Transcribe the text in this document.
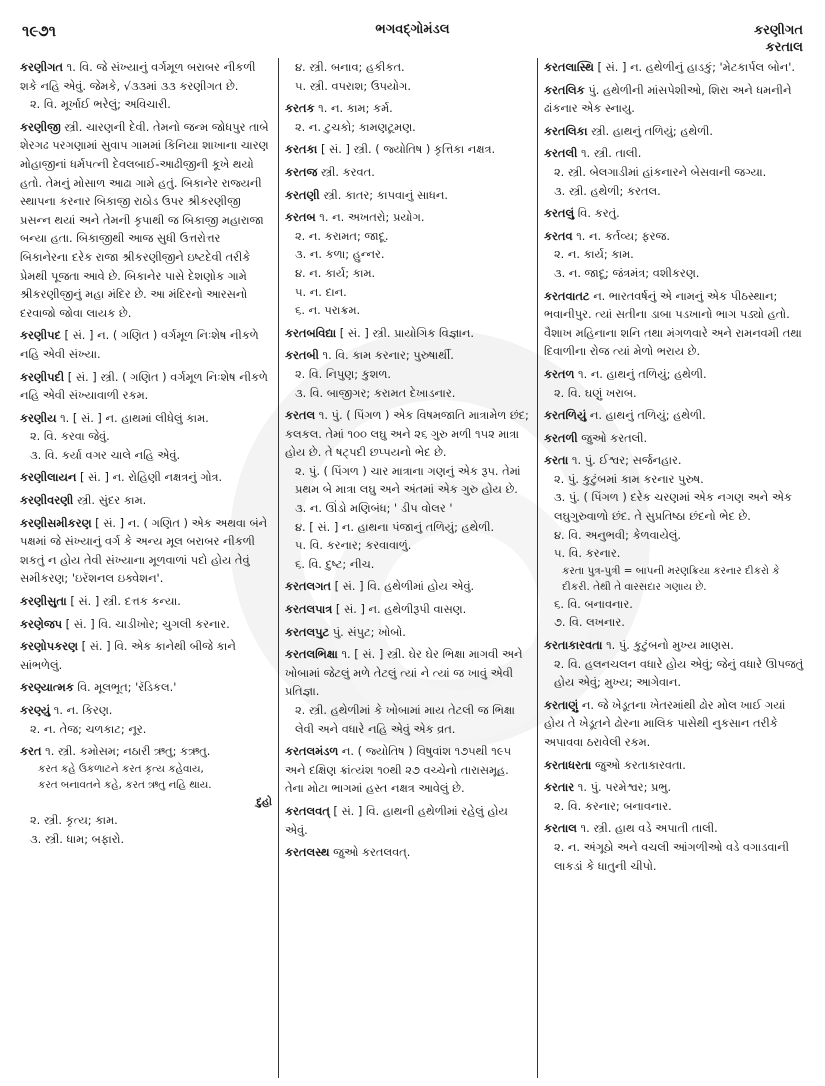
૧૯૭૧	ભગવદ્ગોમંડલ	કરણીગત
કરતાલ
કરણીગત ૧. વિ. જે સંખ્યાનું વર્ગમૂળ બરાબર નીકળી શકે નહિ એવું. જેમકે, √૩૩માં ૩૩ કરણીગત છે.
૨. વિ. મૂર્ખાઈ ભરેલું; અવિચારી.
કરણીજી સ્ત્રી. ચારણની દેવી. તેમનો જન્મ જોધપુર તાબે શેરગઢ પરગણામાં સુવાપ ગામમાં કિનિયા શાખાના ચારણ મોહાજીનાં ધર્મપત્ની દેવલબાઈ-આઢીજીની કૂખે થયો હતો. તેમનું મોસાળ આઢા ગામે હતું. બિકાનેર રાજ્યની સ્થાપના કરનાર બિકાજી રાઠોડ ઉપર શ્રીકરણીજી પ્રસન્ન થયાં અને તેમની કૃપાથી જ બિકાજી મહારાજા બન્યા હતા. બિકાજીથી આજ સુધી ઉત્તરોત્તર બિકાનેરના દરેક રાજા શ્રીકરણીજીને ઇષ્ટદેવી તરીકે પ્રેમથી પૂજતા આવે છે. બિકાનેર પાસે દેશણોક ગામે શ્રીકરણીજીનું મહા મંદિર છે. આ મંદિરનો આરસનો દરવાજો જોવા લાયક છે.
કરણીપદ [ સં. ] ન. ( ગણિત ) વર્ગમૂળ નિઃશેષ નીકળે નહિ એવી સંખ્યા.
કરણીપદી [ સં. ] સ્ત્રી. ( ગણિત ) વર્ગમૂળ નિઃશેષ નીકળે નહિ એવી સંખ્યાવાળી રકમ.
કરણીય ૧. [ સં. ] ન. હાથમાં લીધેલું કામ.
૨. વિ. કરવા જેવું.
૩. વિ. કર્યા વગર ચાલે નહિ એવું.
કરણીલાયન [ સં. ] ન. રોહિણી નક્ષત્રનું ગોત્ર.
કરણીવરણી સ્ત્રી. સુંદર કામ.
કરણીસમીકરણ [ સં. ] ન. ( ગણિત ) એક અથવા બંને પક્ષમાં જે સંખ્યાનું વર્ગ કે અન્ય મૂલ બરાબર નીકળી શકતું ન હોય તેવી સંખ્યાના મૂળવાળાં પદો હોય તેવું સમીકરણ; 'ઇરૅશનલ ઇક્વેશન'.
કરણીસુતા [ સં. ] સ્ત્રી. દત્તક કન્યા.
કરણેજપ [ સં. ] વિ. ચાડીખોર; ચુગલી કરનાર.
કરણોપકરણ [ સં. ] વિ. એક કાનેથી બીજે કાને સાંભળેલું.
કરણ્યાત્મક વિ. મૂલભૂત; 'રૅડિકલ.'
કરણ્યું ૧. ન. કિરણ.
૨. ન. તેજ; ચળકાટ; નૂર.
કરત ૧. સ્ત્રી. કમોસમ; નઠારી ઋતુ; કઋતુ.
કરત કહે ઉકળાટને કરત કૃત્ય કહેવાય,
કરત બનાવતને કહે, કરત ઋતુ નહિ થાય.
દુહો
૨. સ્ત્રી. કૃત્ય; કામ.
૩. સ્ત્રી. ધામ; બફારો.
૪. સ્ત્રી. બનાવ; હકીકત.
૫. સ્ત્રી. વપરાશ; ઉપયોગ.
કરતક ૧. ન. કામ; કર્મ.
૨. ન. ટુચકો; કામણટૂમણ.
કરતકા [ સં. ] સ્ત્રી. ( જ્યોતિષ ) કૃત્તિકા નક્ષત્ર.
કરતજ સ્ત્રી. કરવત.
કરતણી સ્ત્રી. કાતર; કાપવાનું સાધન.
કરતબ ૧. ન. અખતરો; પ્રયોગ.
૨. ન. કરામત; જાદૂ.
૩. ન. કળા; હુન્નર.
૪. ન. કાર્ય; કામ.
૫. ન. દાન.
૬. ન. પરાક્રમ.
કરતબવિદ્યા [ સં. ] સ્ત્રી. પ્રાયોગિક વિજ્ઞાન.
કરતબી ૧. વિ. કામ કરનાર; પુરુષાર્થી.
૨. વિ. નિપુણ; કુશળ.
૩. વિ. બાજીગર; કરામત દેખાડનાર.
કરતલ ૧. પું. ( પિંગળ ) એક વિષમજાતિ માત્રામેળ છંદ; કલકલ. તેમાં ૧૦૦ લઘુ અને ૨૬ ગુરુ મળી ૧૫૨ માત્રા હોય છે. તે ષટ્પદી છપ્પયનો ભેદ છે.
૨. પું. ( પિંગળ ) ચાર માત્રાના ગણનું એક રૂપ. તેમાં પ્રથમ બે માત્રા લઘુ અને અંતમાં એક ગુરુ હોય છે.
૩. ન. ઊંડો મણિબંધ; ' ડીપ વોલર '
૪. [ સં. ] ન. હાથના પંજાનું તળિયું; હથેળી.
૫. વિ. કરનાર; કરવાવાળું.
૬. વિ. દુષ્ટ; નીચ.
કરતલગત [ સં. ] વિ. હથેળીમાં હોય એવું.
કરતલપાત્ર [ સં. ] ન. હથેળીરૂપી વાસણ.
કરતલપુટ પું. સંપુટ; ખોબો.
કરતલભિક્ષા ૧. [ સં. ] સ્ત્રી. ઘેર ઘેર ભિક્ષા માગવી અને ખોબામાં જેટલું મળે તેટલું ત્યાં ને ત્યાં જ ખાવું એવી પ્રતિજ્ઞા.
૨. સ્ત્રી. હથેળીમાં કે ખોબામાં માય તેટલી જ ભિક્ષા લેવી અને વધારે નહિ એવું એક વ્રત.
કરતલમંડળ ન. ( જ્યોતિષ ) વિષુવાંશ ૧૭૫થી ૧૯૫ અને દક્ષિણ ક્રાંત્યંશ ૧૦થી ૨૭ વચ્ચેનો તારાસમૂહ. તેના મોટા ભાગમાં હસ્ત નક્ષત્ર આવેલું છે.
કરતલવત્ [ સં. ] વિ. હાથની હથેળીમાં રહેલું હોય એવું.
કરતલસ્થ જુઓ કરતલવત્.
કરતલાસ્થિ [ સં. ] ન. હથેળીનું હાડકું; 'મેટકાર્પલ બોન'.
કરતલિક પું. હથેળીની માંસપેશીઓ, શિરા અને ધમનીને ઢાંકનાર એક સ્નાયુ.
કરતલિકા સ્ત્રી. હાથનું તળિયું; હથેળી.
કરતલી ૧. સ્ત્રી. તાલી.
૨. સ્ત્રી. બેલગાડીમાં હાંકનારને બેસવાની જગ્યા.
૩. સ્ત્રી. હથેળી; કરતલ.
કરતલું વિ. કરતું.
કરતવ ૧. ન. કર્તવ્ય; ફરજ.
૨. ન. કાર્ય; કામ.
૩. ન. જાદૂ; જંત્રમંત્ર; વશીકરણ.
કરતવાતટ ન. ભારતવર્ષનું એ નામનું એક પીઠસ્થાન; ભવાનીપુર. ત્યાં સતીના ડાબા પડખાનો ભાગ પડ્યો હતો. વૈશાખ મહિનાના શનિ તથા મંગળવારે અને રામનવમી તથા દિવાળીના રોજ ત્યાં મેળો ભરાય છે.
કરતળ ૧. ન. હાથનું તળિયું; હથેળી.
૨. વિ. ઘણું ખરાબ.
કરતળિયું ન. હાથનું તળિયું; હથેળી.
કરતળી જુઓ કરતલી.
કરતા ૧. પું. ઈશ્વર; સર્જનહાર.
૨. પું. કુટુંબમાં કામ કરનાર પુરુષ.
૩. પું. ( પિંગળ ) દરેક ચરણમાં એક નગણ અને એક લઘુગુરુવાળો છંદ. તે સુપ્રતિષ્ઠા છંદનો ભેદ છે.
૪. વિ. અનુભવી; કેળવાયેલું.
૫. વિ. કરનાર.
કરતા પુત્ર-પુત્રી = બાપની મરણક્રિયા કરનાર દીકરો કે દીકરી. તેથી તે વારસદાર ગણાય છે.
૬. વિ. બનાવનાર.
૭. વિ. લખનાર.
કરતાકારવતા ૧. પું. કુટુંબનો મુખ્ય માણસ.
૨. વિ. હલનચલન વધારે હોય એવું; જેનું વધારે ઊપજતું હોય એવું; મુખ્ય; આગેવાન.
કરતાણું ન. જે ખેડૂતના ખેતરમાંથી ઢોર મોલ ખાઈ ગયાં હોય તે ખેડૂતને ઢોરના માલિક પાસેથી નુકસાન તરીકે અપાવવા ઠરાવેલી રકમ.
કરતાધરતા જુઓ કરતાકારવતા.
કરતાર ૧. પું. પરમેશ્વર; પ્રભુ.
૨. વિ. કરનાર; બનાવનાર.
કરતાલ ૧. સ્ત્રી. હાથ વડે અપાતી તાલી.
૨. ન. અંગૂઠો અને વચલી આંગળીઓ વડે વગાડવાની લાકડાં કે ધાતુની ચીપો.
